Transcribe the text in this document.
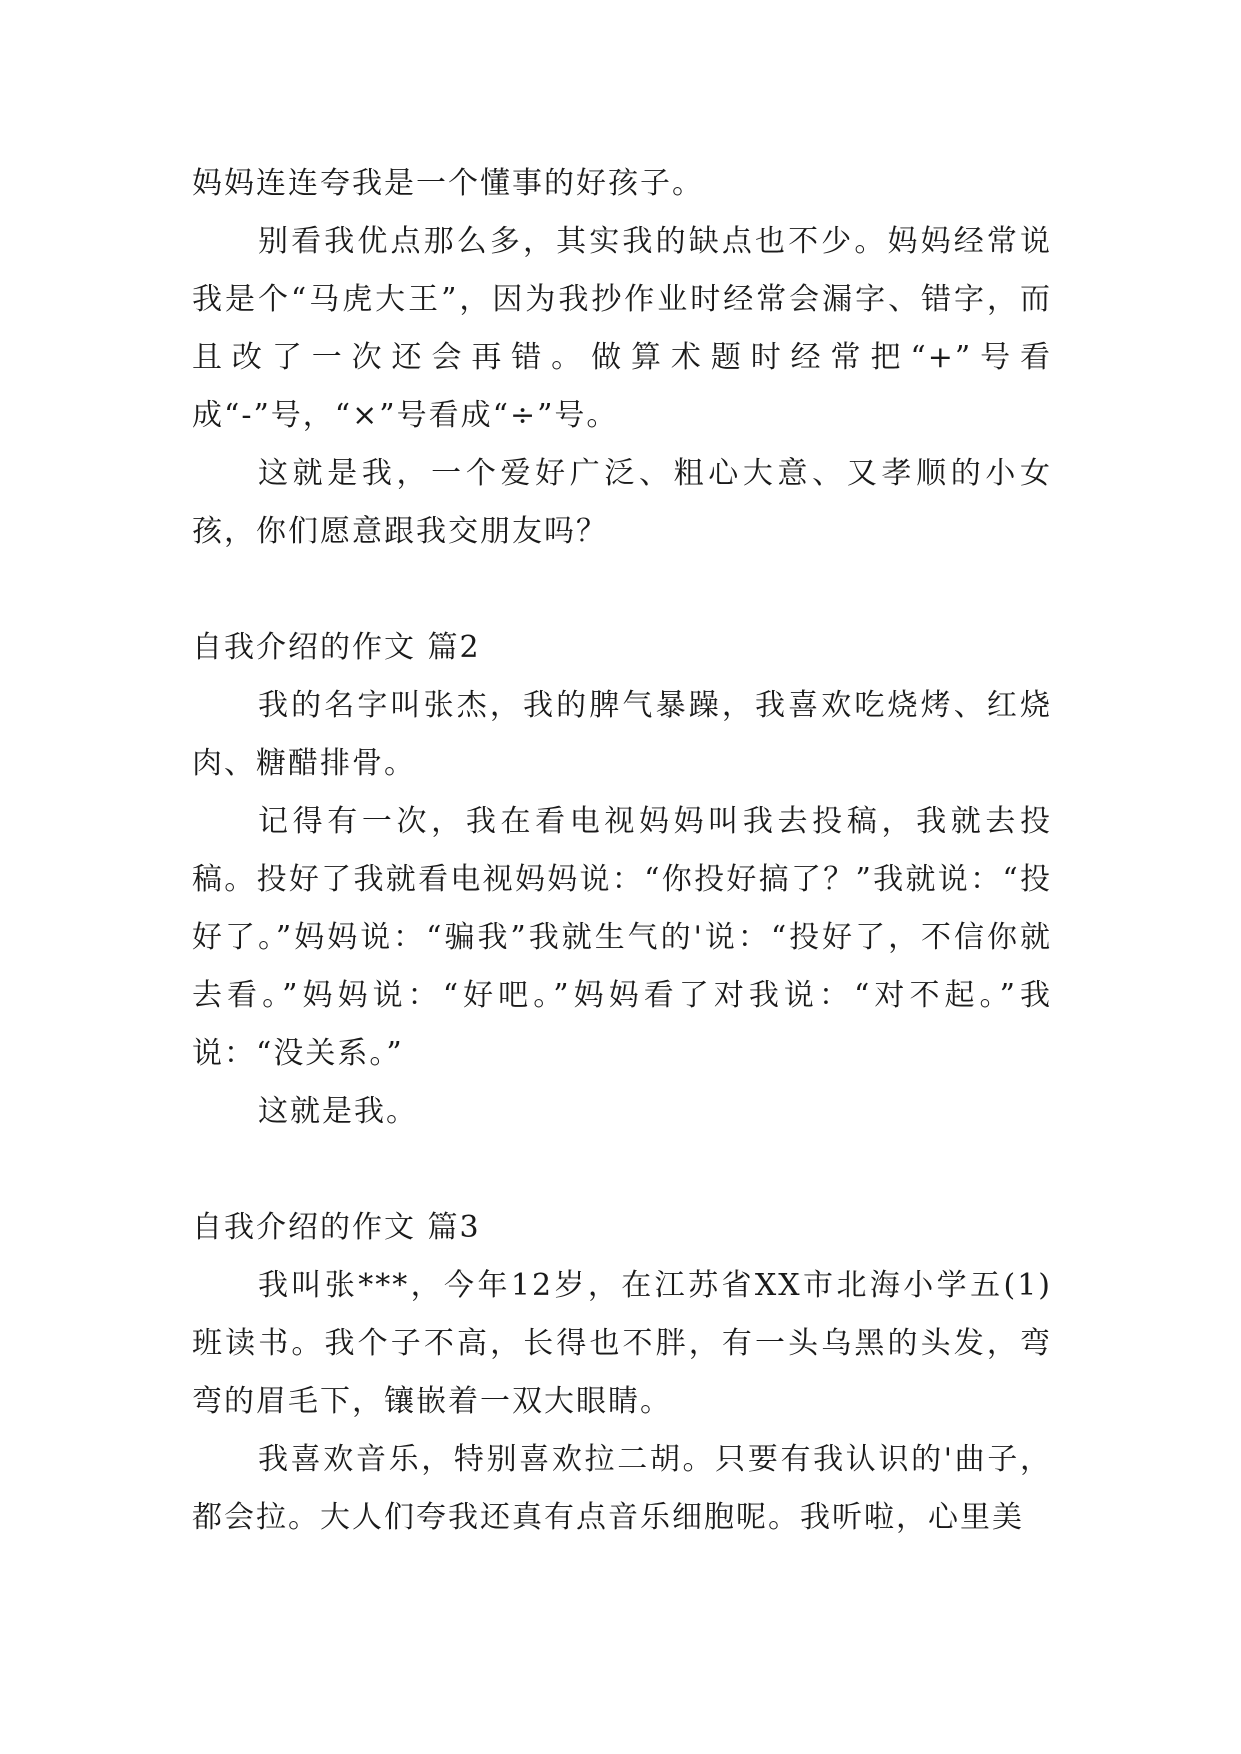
妈妈连连夸我是一个懂事的好孩子。

别看我优点那么多，其实我的缺点也不少。妈妈经常说我是个“马虎大王”，因为我抄作业时经常会漏字、错字，而且改了一次还会再错。做算术题时经常把“+”号看成“-”号，“×”号看成“÷”号。

这就是我，一个爱好广泛、粗心大意、又孝顺的小女孩，你们愿意跟我交朋友吗？

自我介绍的作文 篇2

我的名字叫张杰，我的脾气暴躁，我喜欢吃烧烤、红烧肉、糖醋排骨。

记得有一次，我在看电视妈妈叫我去投稿，我就去投稿。投好了我就看电视妈妈说：“你投好搞了？”我就说：“投好了。”妈妈说：“骗我”我就生气的'说：“投好了，不信你就去看。”妈妈说：“好吧。”妈妈看了对我说：“对不起。”我说：“没关系。”

这就是我。

自我介绍的作文 篇3

我叫张***，今年12岁，在江苏省XX市北海小学五(1)班读书。我个子不高，长得也不胖，有一头乌黑的头发，弯弯的眉毛下，镶嵌着一双大眼睛。

我喜欢音乐，特别喜欢拉二胡。只要有我认识的'曲子，都会拉。大人们夸我还真有点音乐细胞呢。我听啦，心里美
